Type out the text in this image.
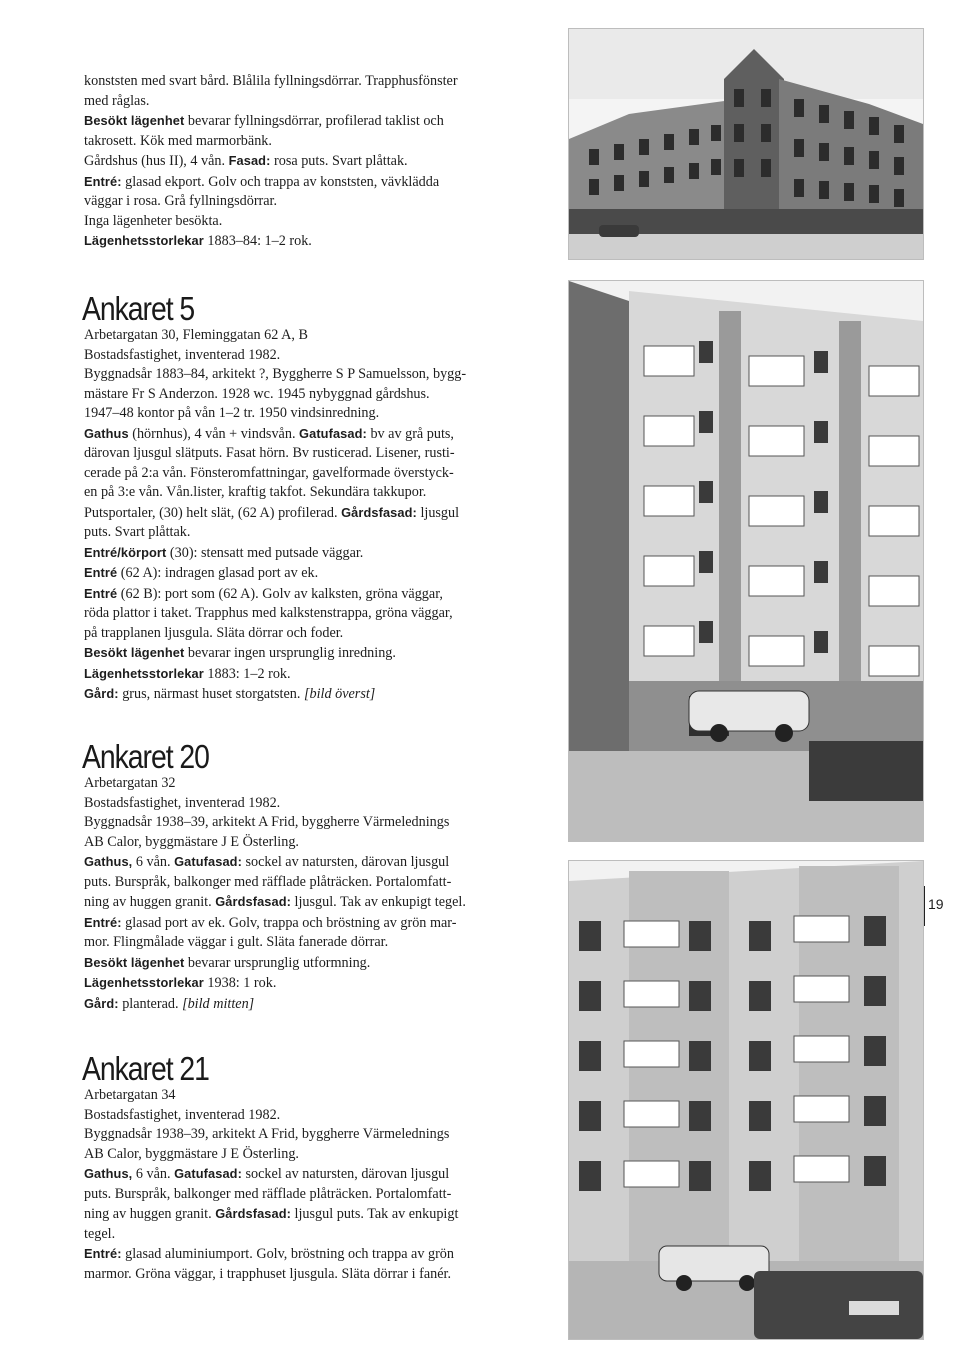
konststen med svart bård. Blålila fyllningsdörrar. Trapphusfönster

med råglas.

Besökt lägenhet bevarar fyllningsdörrar, profilerad taklist och

takrosett. Kök med marmorbänk.

Gårdshus (hus II), 4 vån. Fasad: rosa puts. Svart plåttak.

Entré: glasad ekport. Golv och trappa av konststen, vävklädda

väggar i rosa. Grå fyllningsdörrar.

Inga lägenheter besökta.

Lägenhetsstorlekar 1883–84: 1–2 rok.

Ankaret 5

Arbetargatan 30, Fleminggatan 62 A, B

Bostadsfastighet, inventerad 1982.

Byggnadsår 1883–84, arkitekt ?, Byggherre S P Samuelsson, bygg-

mästare Fr S Anderzon. 1928 wc. 1945 nybyggnad gårdshus.

1947–48 kontor på vån 1–2 tr. 1950 vindsinredning.

Gathus (hörnhus), 4 vån + vindsvån. Gatufasad: bv av grå puts,

därovan ljusgul slätputs. Fasat hörn. Bv rusticerad. Lisener, rusti-

cerade på 2:a vån. Fönsteromfattningar, gavelformade överstyck-

en på 3:e vån. Vån.lister, kraftig takfot. Sekundära takkupor.

Putsportaler, (30) helt slät, (62 A) profilerad. Gårdsfasad: ljusgul

puts. Svart plåttak.

Entré/körport (30): stensatt med putsade väggar.

Entré (62 A): indragen glasad port av ek.

Entré (62 B): port som (62 A). Golv av kalksten, gröna väggar,

röda plattor i taket. Trapphus med kalkstenstrappa, gröna väggar,

på trapplanen ljusgula. Släta dörrar och foder.

Besökt lägenhet bevarar ingen ursprunglig inredning.

Lägenhetsstorlekar 1883: 1–2 rok.

Gård: grus, närmast huset storgatsten. [bild överst]

Ankaret 20

Arbetargatan 32

Bostadsfastighet, inventerad 1982.

Byggnadsår 1938–39, arkitekt A Frid, byggherre Värmelednings

AB Calor, byggmästare J E Österling.

Gathus, 6 vån. Gatufasad: sockel av natursten, därovan ljusgul

puts. Burspråk, balkonger med räfflade plåträcken. Portalomfatt-

ning av huggen granit. Gårdsfasad: ljusgul. Tak av enkupigt tegel.

Entré: glasad port av ek. Golv, trappa och bröstning av grön mar-

mor. Flingmålade väggar i gult. Släta fanerade dörrar.

Besökt lägenhet bevarar ursprunglig utformning.

Lägenhetsstorlekar 1938: 1 rok.

Gård: planterad. [bild mitten]

Ankaret 21

Arbetargatan 34

Bostadsfastighet, inventerad 1982.

Byggnadsår 1938–39, arkitekt A Frid, byggherre Värmelednings

AB Calor, byggmästare J E Österling.

Gathus, 6 vån. Gatufasad: sockel av natursten, därovan ljusgul

puts. Burspråk, balkonger med räfflade plåträcken. Portalomfatt-

ning av huggen granit. Gårdsfasad: ljusgul puts. Tak av enkupigt

tegel.

Entré: glasad aluminiumport. Golv, bröstning och trappa av grön

marmor. Gröna väggar, i trapphuset ljusgula. Släta dörrar i fanér.

19
